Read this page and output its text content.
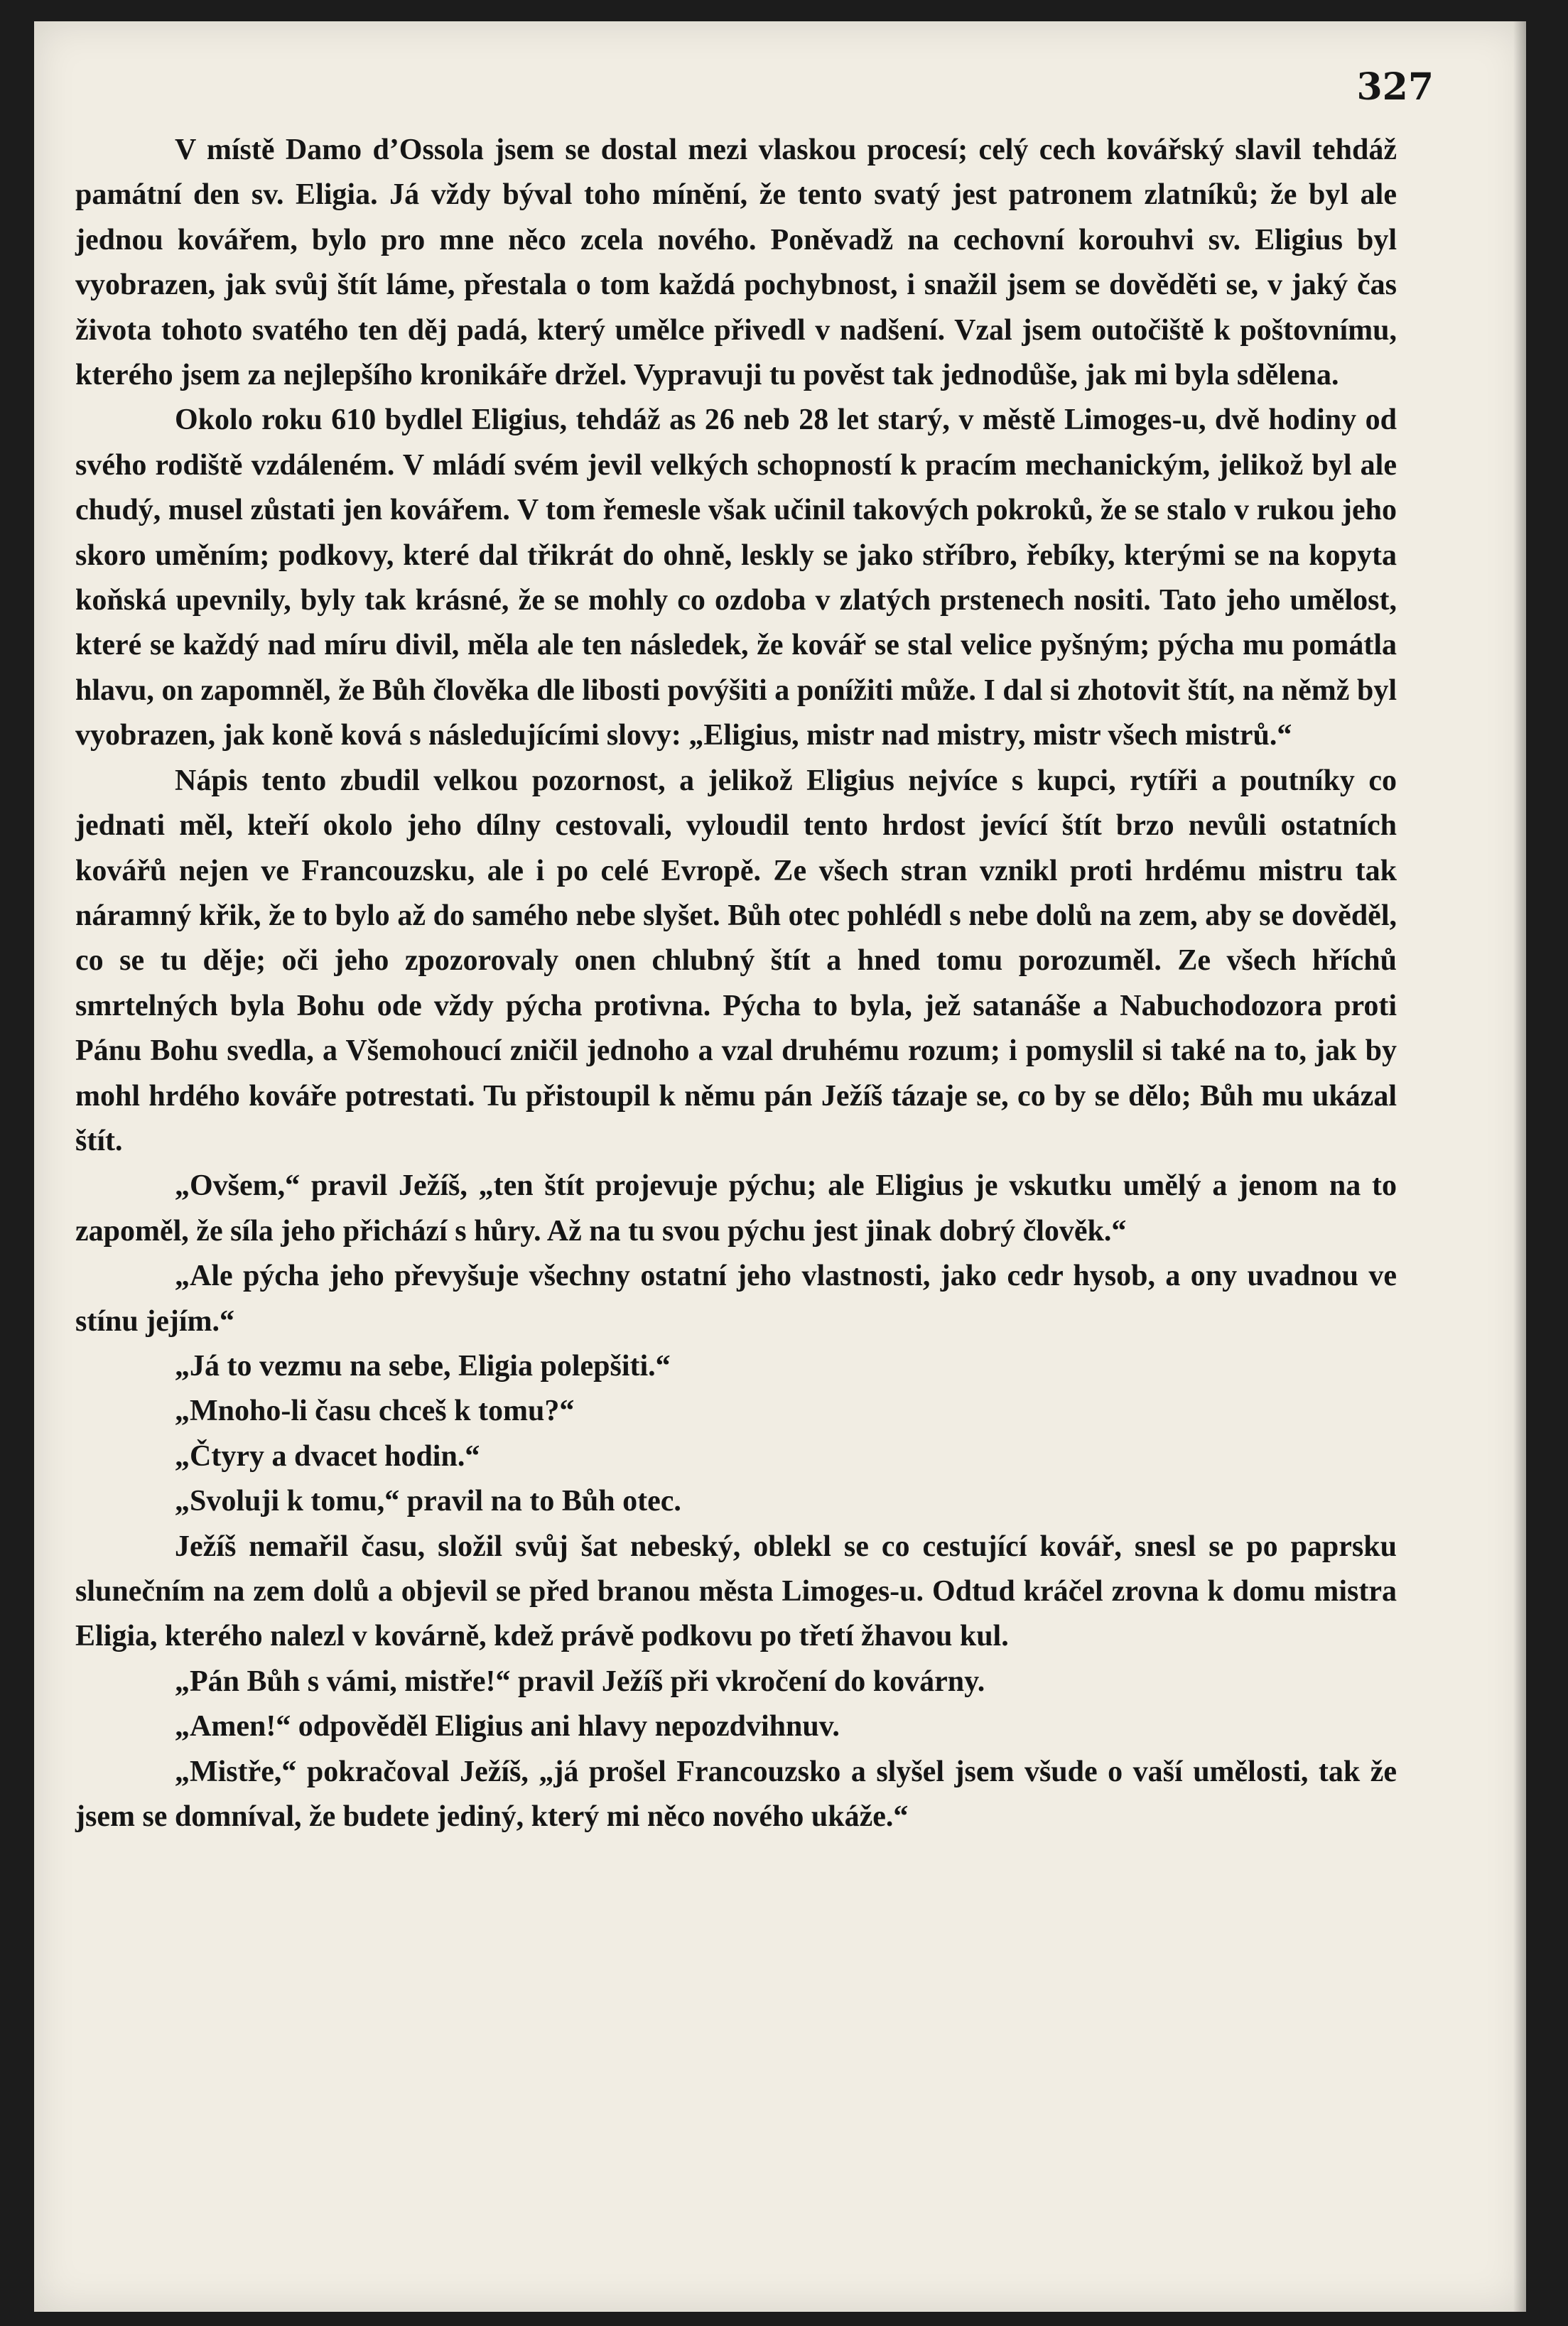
327

V místě Damo d’Ossola jsem se dostal mezi vlaskou procesí; celý cech kovářský slavil tehdáž památní den sv. Eligia. Já vždy býval toho mínění, že tento svatý jest patronem zlatníků; že byl ale jednou kovářem, bylo pro mne něco zcela nového. Poněvadž na cechovní korouhvi sv. Eligius byl vyobrazen, jak svůj štít láme, přestala o tom každá pochybnost, i snažil jsem se dověděti se, v jaký čas života tohoto svatého ten děj padá, který umělce přivedl v nadšení. Vzal jsem outočiště k poštovnímu, kterého jsem za nejlepšího kronikáře držel. Vypravuji tu pověst tak jednodůše, jak mi byla sdělena.

Okolo roku 610 bydlel Eligius, tehdáž as 26 neb 28 let starý, v městě Limoges-u, dvě hodiny od svého rodiště vzdáleném. V mládí svém jevil velkých schopností k pracím mechanickým, jelikož byl ale chudý, musel zůstati jen kovářem. V tom řemesle však učinil takových pokroků, že se stalo v rukou jeho skoro uměním; podkovy, které dal třikrát do ohně, leskly se jako stříbro, řebíky, kterými se na kopyta koňská upevnily, byly tak krásné, že se mohly co ozdoba v zlatých prstenech nositi. Tato jeho umělost, které se každý nad míru divil, měla ale ten následek, že kovář se stal velice pyšným; pýcha mu pomátla hlavu, on zapomněl, že Bůh člověka dle libosti povýšiti a ponížiti může. I dal si zhotovit štít, na němž byl vyobrazen, jak koně ková s následujícími slovy: „Eligius, mistr nad mistry, mistr všech mistrů.“

Nápis tento zbudil velkou pozornost, a jelikož Eligius nejvíce s kupci, rytíři a poutníky co jednati měl, kteří okolo jeho dílny cestovali, vyloudil tento hrdost jevící štít brzo nevůli ostatních kovářů nejen ve Francouzsku, ale i po celé Evropě. Ze všech stran vznikl proti hrdému mistru tak náramný křik, že to bylo až do samého nebe slyšet. Bůh otec pohlédl s nebe dolů na zem, aby se dověděl, co se tu děje; oči jeho zpozorovaly onen chlubný štít a hned tomu porozuměl. Ze všech hříchů smrtelných byla Bohu ode vždy pýcha protivna. Pýcha to byla, jež satanáše a Nabuchodozora proti Pánu Bohu svedla, a Všemohoucí zničil jednoho a vzal druhému rozum; i pomyslil si také na to, jak by mohl hrdého kováře potrestati. Tu přistoupil k němu pán Ježíš tázaje se, co by se dělo; Bůh mu ukázal štít.

„Ovšem,“ pravil Ježíš, „ten štít projevuje pýchu; ale Eligius je vskutku umělý a jenom na to zapoměl, že síla jeho přichází s hůry. Až na tu svou pýchu jest jinak dobrý člověk.“

„Ale pýcha jeho převyšuje všechny ostatní jeho vlastnosti, jako cedr hysob, a ony uvadnou ve stínu jejím.“

„Já to vezmu na sebe, Eligia polepšiti.“

„Mnoho-li času chceš k tomu?“

„Čtyry a dvacet hodin.“

„Svoluji k tomu,“ pravil na to Bůh otec.

Ježíš nemařil času, složil svůj šat nebeský, oblekl se co cestující kovář, snesl se po paprsku slunečním na zem dolů a objevil se před branou města Limoges-u. Odtud kráčel zrovna k domu mistra Eligia, kterého nalezl v kovárně, kdež právě podkovu po třetí žhavou kul.

„Pán Bůh s vámi, mistře!“ pravil Ježíš při vkročení do kovárny.

„Amen!“ odpověděl Eligius ani hlavy nepozdvihnuv.

„Mistře,“ pokračoval Ježíš, „já prošel Francouzsko a slyšel jsem všude o vaší umělosti, tak že jsem se domníval, že budete jediný, který mi něco nového ukáže.“
